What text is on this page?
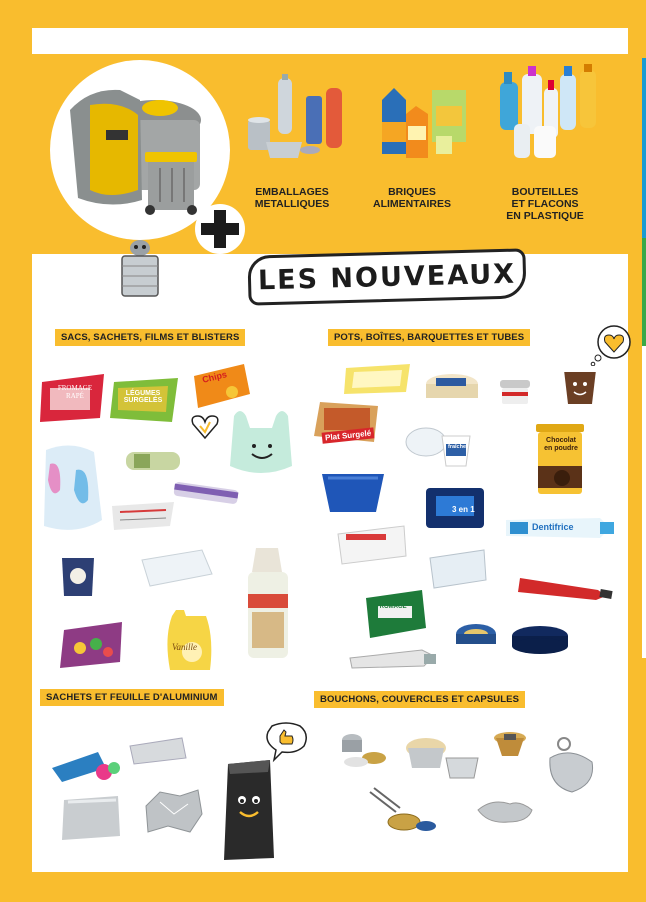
EMBALLAGES
METALLIQUES
BRIQUES
ALIMENTAIRES
BOUTEILLES
ET FLACONS
EN PLASTIQUE
LES NOUVEAUX
SACS, SACHETS, FILMS ET BLISTERS	POTS, BOÎTES, BARQUETTES ET TUBES
SACHETS ET FEUILLE D'ALUMINIUM	BOUCHONS, COUVERCLES ET CAPSULES
FROMAGE
RAPÉ	LÉGUMES
SURGELÉS
Chips
Vanille
Plat Surgelé	crème
fraîche
Chocolat
en poudre
3 en 1
Dentifrice
FROMAGE
